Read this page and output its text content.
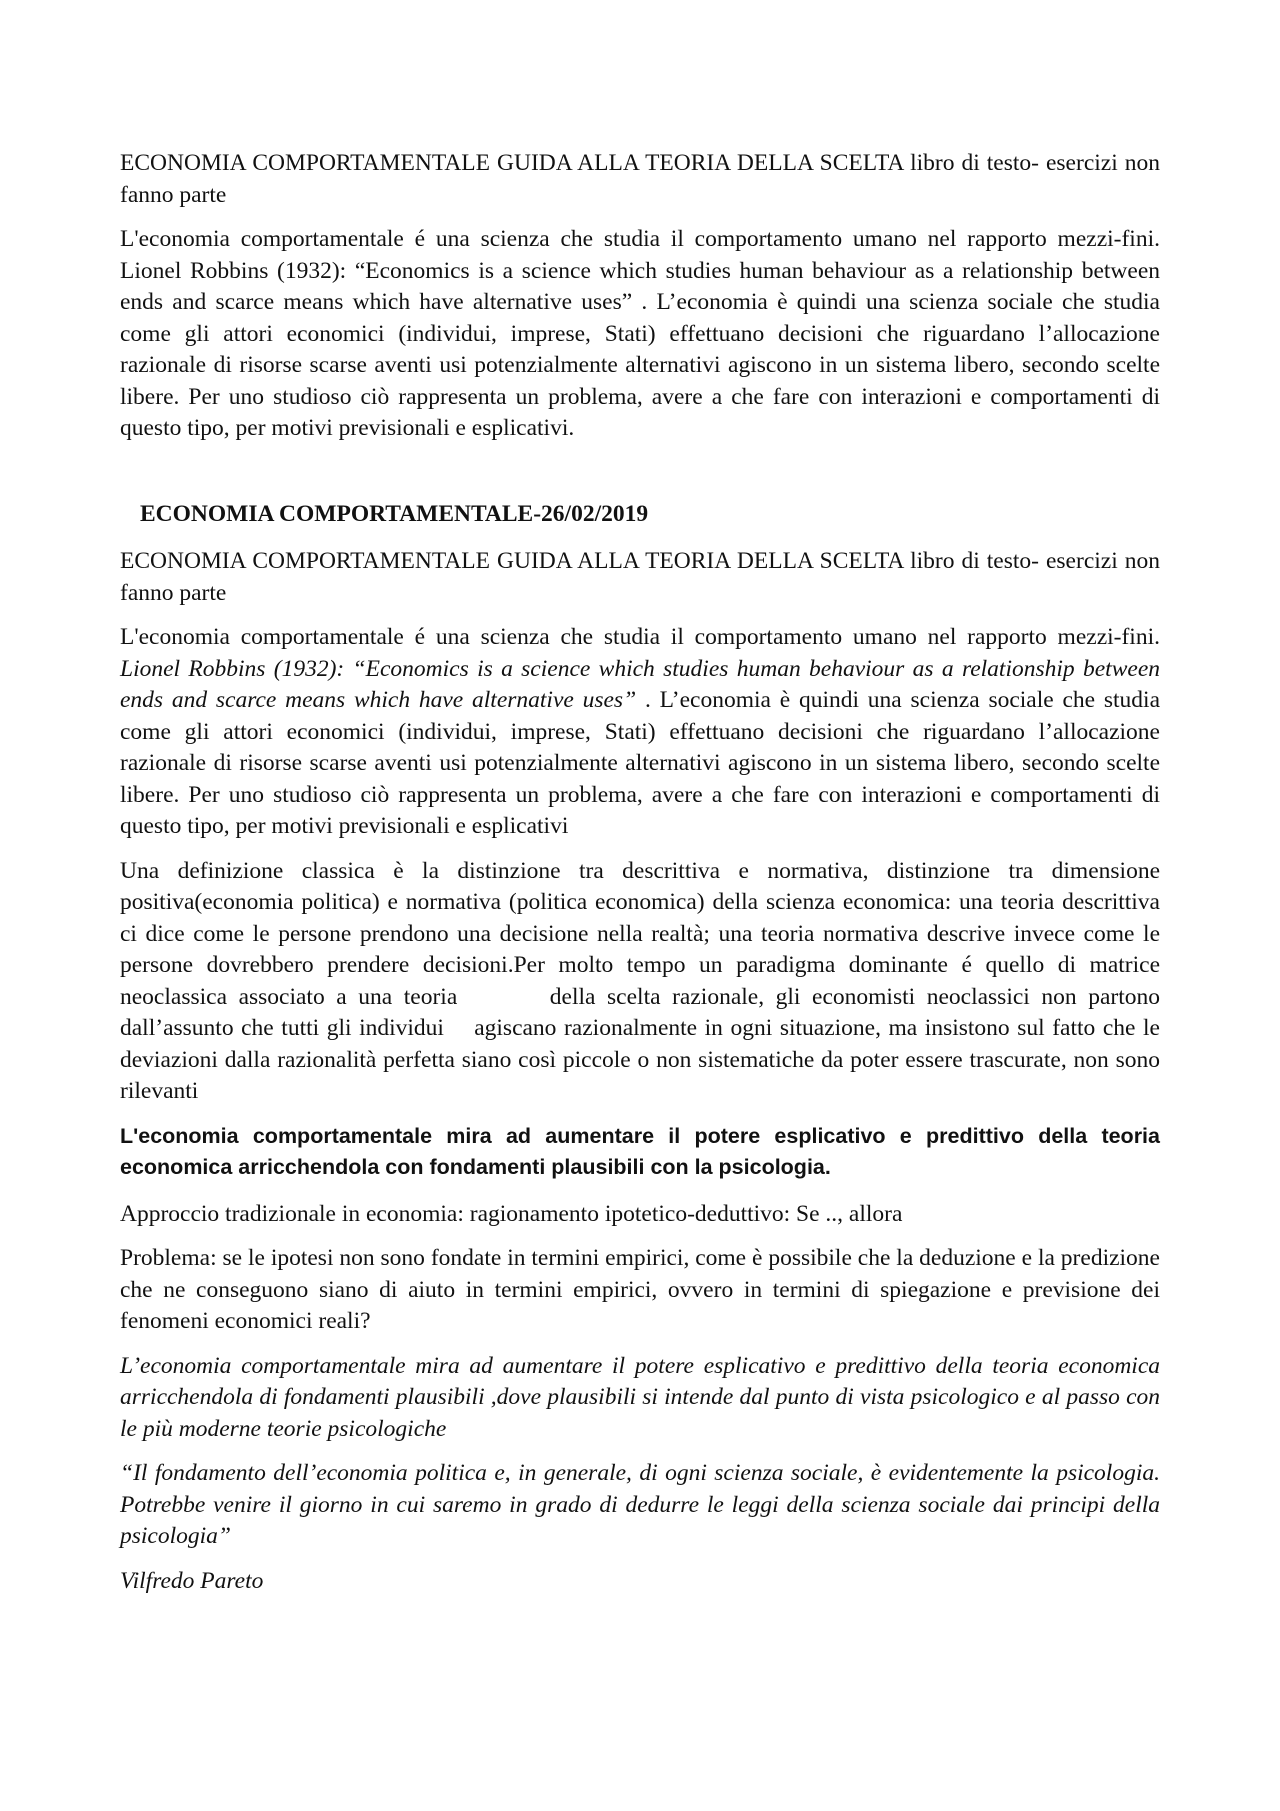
ECONOMIA COMPORTAMENTALE GUIDA ALLA TEORIA DELLA SCELTA libro di testo- esercizi non fanno parte

L'economia comportamentale é una scienza che studia il comportamento umano nel rapporto mezzi-fini. Lionel Robbins (1932): “Economics is a science which studies human behaviour as a relationship between ends and scarce means which have alternative uses” . L’economia è quindi una scienza sociale che studia come gli attori economici (individui, imprese, Stati) effettuano decisioni che riguardano l’allocazione razionale di risorse scarse aventi usi potenzialmente alternativi agiscono in un sistema libero, secondo scelte libere. Per uno studioso ciò rappresenta un problema, avere a che fare con interazioni e comportamenti di questo tipo, per motivi previsionali e esplicativi.

ECONOMIA COMPORTAMENTALE-26/02/2019

ECONOMIA COMPORTAMENTALE GUIDA ALLA TEORIA DELLA SCELTA libro di testo- esercizi non fanno parte

L'economia comportamentale é una scienza che studia il comportamento umano nel rapporto mezzi-fini. Lionel Robbins (1932): “Economics is a science which studies human behaviour as a relationship between ends and scarce means which have alternative uses” . L’economia è quindi una scienza sociale che studia come gli attori economici (individui, imprese, Stati) effettuano decisioni che riguardano l’allocazione razionale di risorse scarse aventi usi potenzialmente alternativi agiscono in un sistema libero, secondo scelte libere. Per uno studioso ciò rappresenta un problema, avere a che fare con interazioni e comportamenti di questo tipo, per motivi previsionali e esplicativi

Una definizione classica è la distinzione tra descrittiva e normativa, distinzione tra dimensione positiva(economia politica) e normativa (politica economica) della scienza economica: una teoria descrittiva ci dice come le persone prendono una decisione nella realtà; una teoria normativa descrive invece come le persone dovrebbero prendere decisioni.Per molto tempo un paradigma dominante é quello di matrice neoclassica associato a una teoria        della scelta razionale, gli economisti neoclassici non partono dall’assunto che tutti gli individui    agiscano razionalmente in ogni situazione, ma insistono sul fatto che le deviazioni dalla razionalità perfetta siano così piccole o non sistematiche da poter essere trascurate, non sono rilevanti

L'economia comportamentale mira ad aumentare il potere esplicativo e predittivo della teoria economica arricchendola con fondamenti plausibili con la psicologia.

Approccio tradizionale in economia: ragionamento ipotetico-deduttivo: Se .., allora

Problema: se le ipotesi non sono fondate in termini empirici, come è possibile che la deduzione e la predizione che ne conseguono siano di aiuto in termini empirici, ovvero in termini di spiegazione e previsione dei fenomeni economici reali?

L’economia comportamentale mira ad aumentare il potere esplicativo e predittivo della teoria economica arricchendola di fondamenti plausibili ,dove plausibili si intende dal punto di vista psicologico e al passo con le più moderne teorie psicologiche

“Il fondamento dell’economia politica e, in generale, di ogni scienza sociale, è evidentemente la psicologia. Potrebbe venire il giorno in cui saremo in grado di dedurre le leggi della scienza sociale dai principi della psicologia”

Vilfredo Pareto
